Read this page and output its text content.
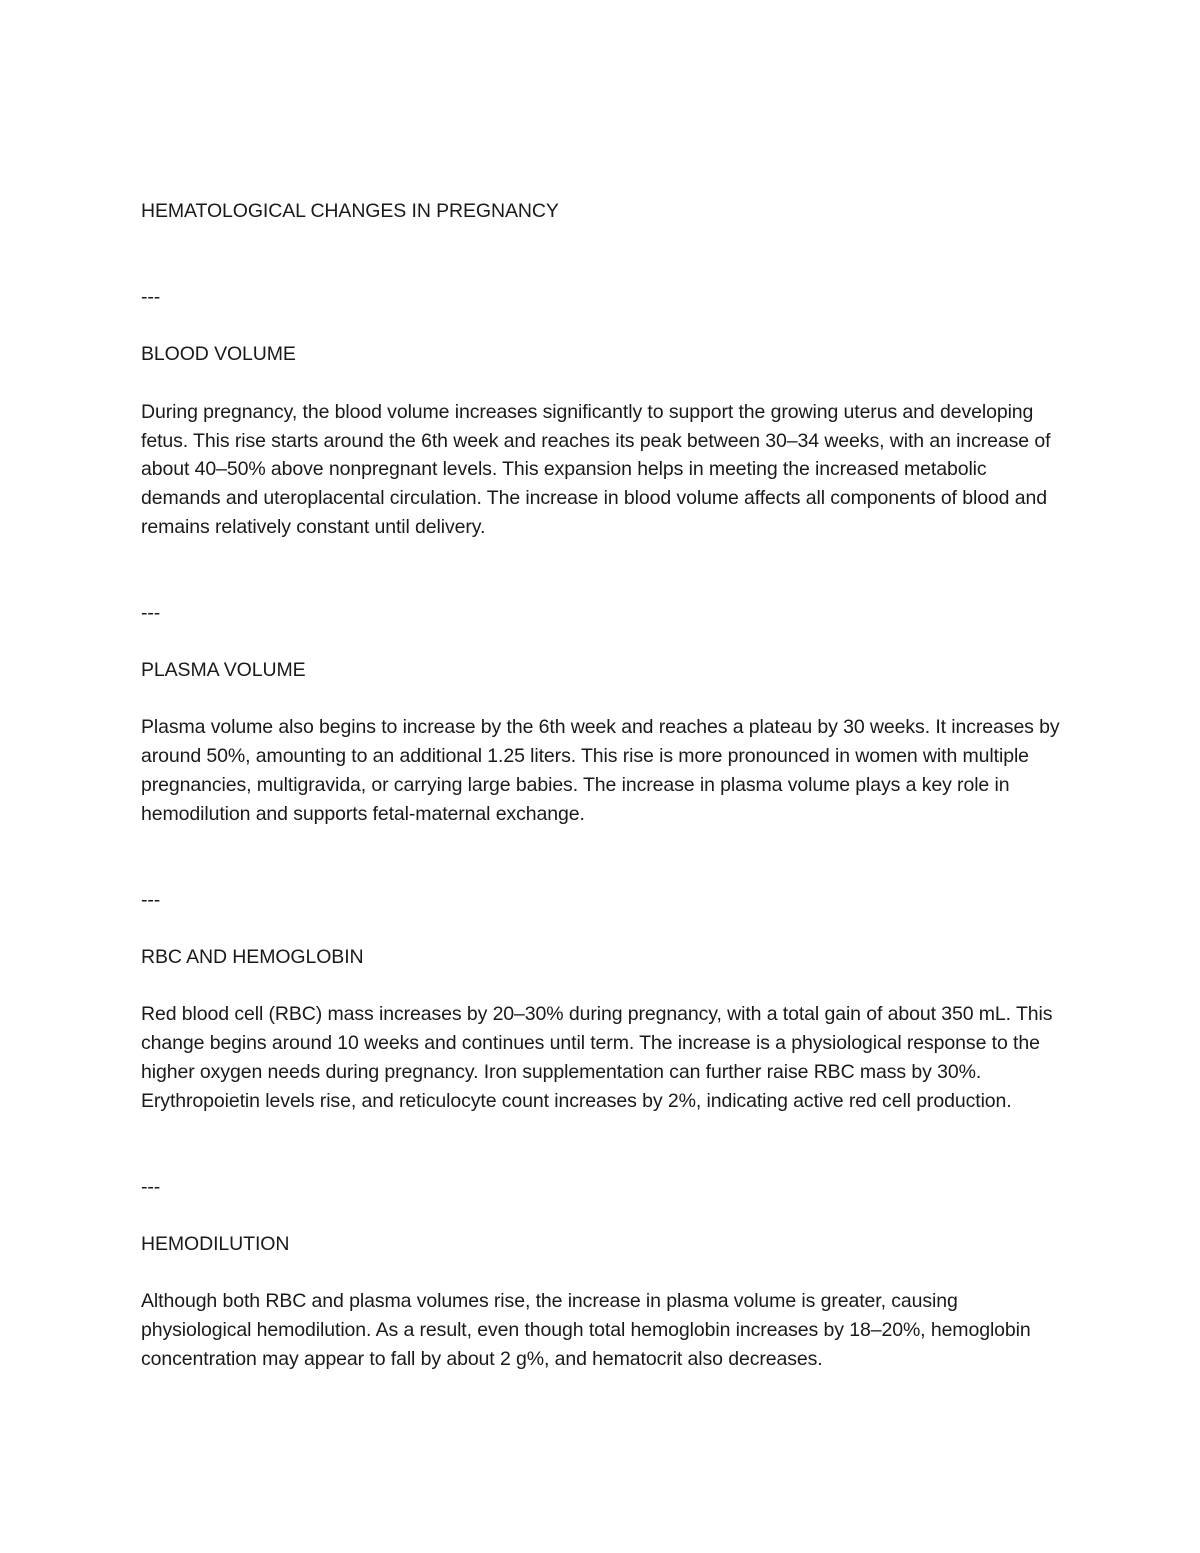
HEMATOLOGICAL CHANGES IN PREGNANCY
---
BLOOD VOLUME

During pregnancy, the blood volume increases significantly to support the growing uterus and developing fetus. This rise starts around the 6th week and reaches its peak between 30–34 weeks, with an increase of about 40–50% above nonpregnant levels. This expansion helps in meeting the increased metabolic demands and uteroplacental circulation. The increase in blood volume affects all components of blood and remains relatively constant until delivery.

---
PLASMA VOLUME

Plasma volume also begins to increase by the 6th week and reaches a plateau by 30 weeks. It increases by around 50%, amounting to an additional 1.25 liters. This rise is more pronounced in women with multiple pregnancies, multigravida, or carrying large babies. The increase in plasma volume plays a key role in hemodilution and supports fetal-maternal exchange.

---
RBC AND HEMOGLOBIN

Red blood cell (RBC) mass increases by 20–30% during pregnancy, with a total gain of about 350 mL. This change begins around 10 weeks and continues until term. The increase is a physiological response to the higher oxygen needs during pregnancy. Iron supplementation can further raise RBC mass by 30%. Erythropoietin levels rise, and reticulocyte count increases by 2%, indicating active red cell production.

---
HEMODILUTION

Although both RBC and plasma volumes rise, the increase in plasma volume is greater, causing physiological hemodilution. As a result, even though total hemoglobin increases by 18–20%, hemoglobin concentration may appear to fall by about 2 g%, and hematocrit also decreases.
